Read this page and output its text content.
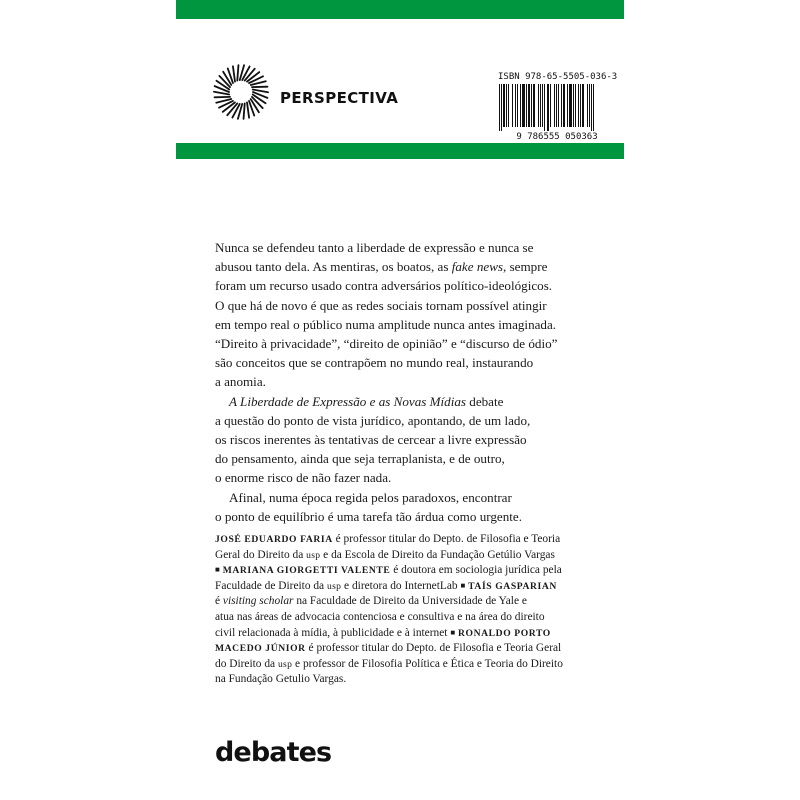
PERSPECTIVA
ISBN 978-65-5505-036-3
9 786555 050363
Nunca se defendeu tanto a liberdade de expressão e nunca se
abusou tanto dela. As mentiras, os boatos, as fake news, sempre
foram um recurso usado contra adversários político-ideológicos.
O que há de novo é que as redes sociais tornam possível atingir
em tempo real o público numa amplitude nunca antes imaginada.
“Direito à privacidade”, “direito de opinião” e “discurso de ódio”
são conceitos que se contrapõem no mundo real, instaurando
a anomia.
A Liberdade de Expressão e as Novas Mídias debate
a questão do ponto de vista jurídico, apontando, de um lado,
os riscos inerentes às tentativas de cercear a livre expressão
do pensamento, ainda que seja terraplanista, e de outro,
o enorme risco de não fazer nada.
Afinal, numa época regida pelos paradoxos, encontrar
o ponto de equilíbrio é uma tarefa tão árdua como urgente.
JOSÉ EDUARDO FARIA é professor titular do Depto. de Filosofia e Teoria
Geral do Direito da usp e da Escola de Direito da Fundação Getúlio Vargas
■ MARIANA GIORGETTI VALENTE é doutora em sociologia jurídica pela
Faculdade de Direito da usp e diretora do InternetLab ■ TAÍS GASPARIAN
é visiting scholar na Faculdade de Direito da Universidade de Yale e
atua nas áreas de advocacia contenciosa e consultiva e na área do direito
civil relacionada à mídia, à publicidade e à internet ■ RONALDO PORTO
MACEDO JÚNIOR é professor titular do Depto. de Filosofia e Teoria Geral
do Direito da usp e professor de Filosofia Política e Ética e Teoria do Direito
na Fundação Getulio Vargas.
debates
